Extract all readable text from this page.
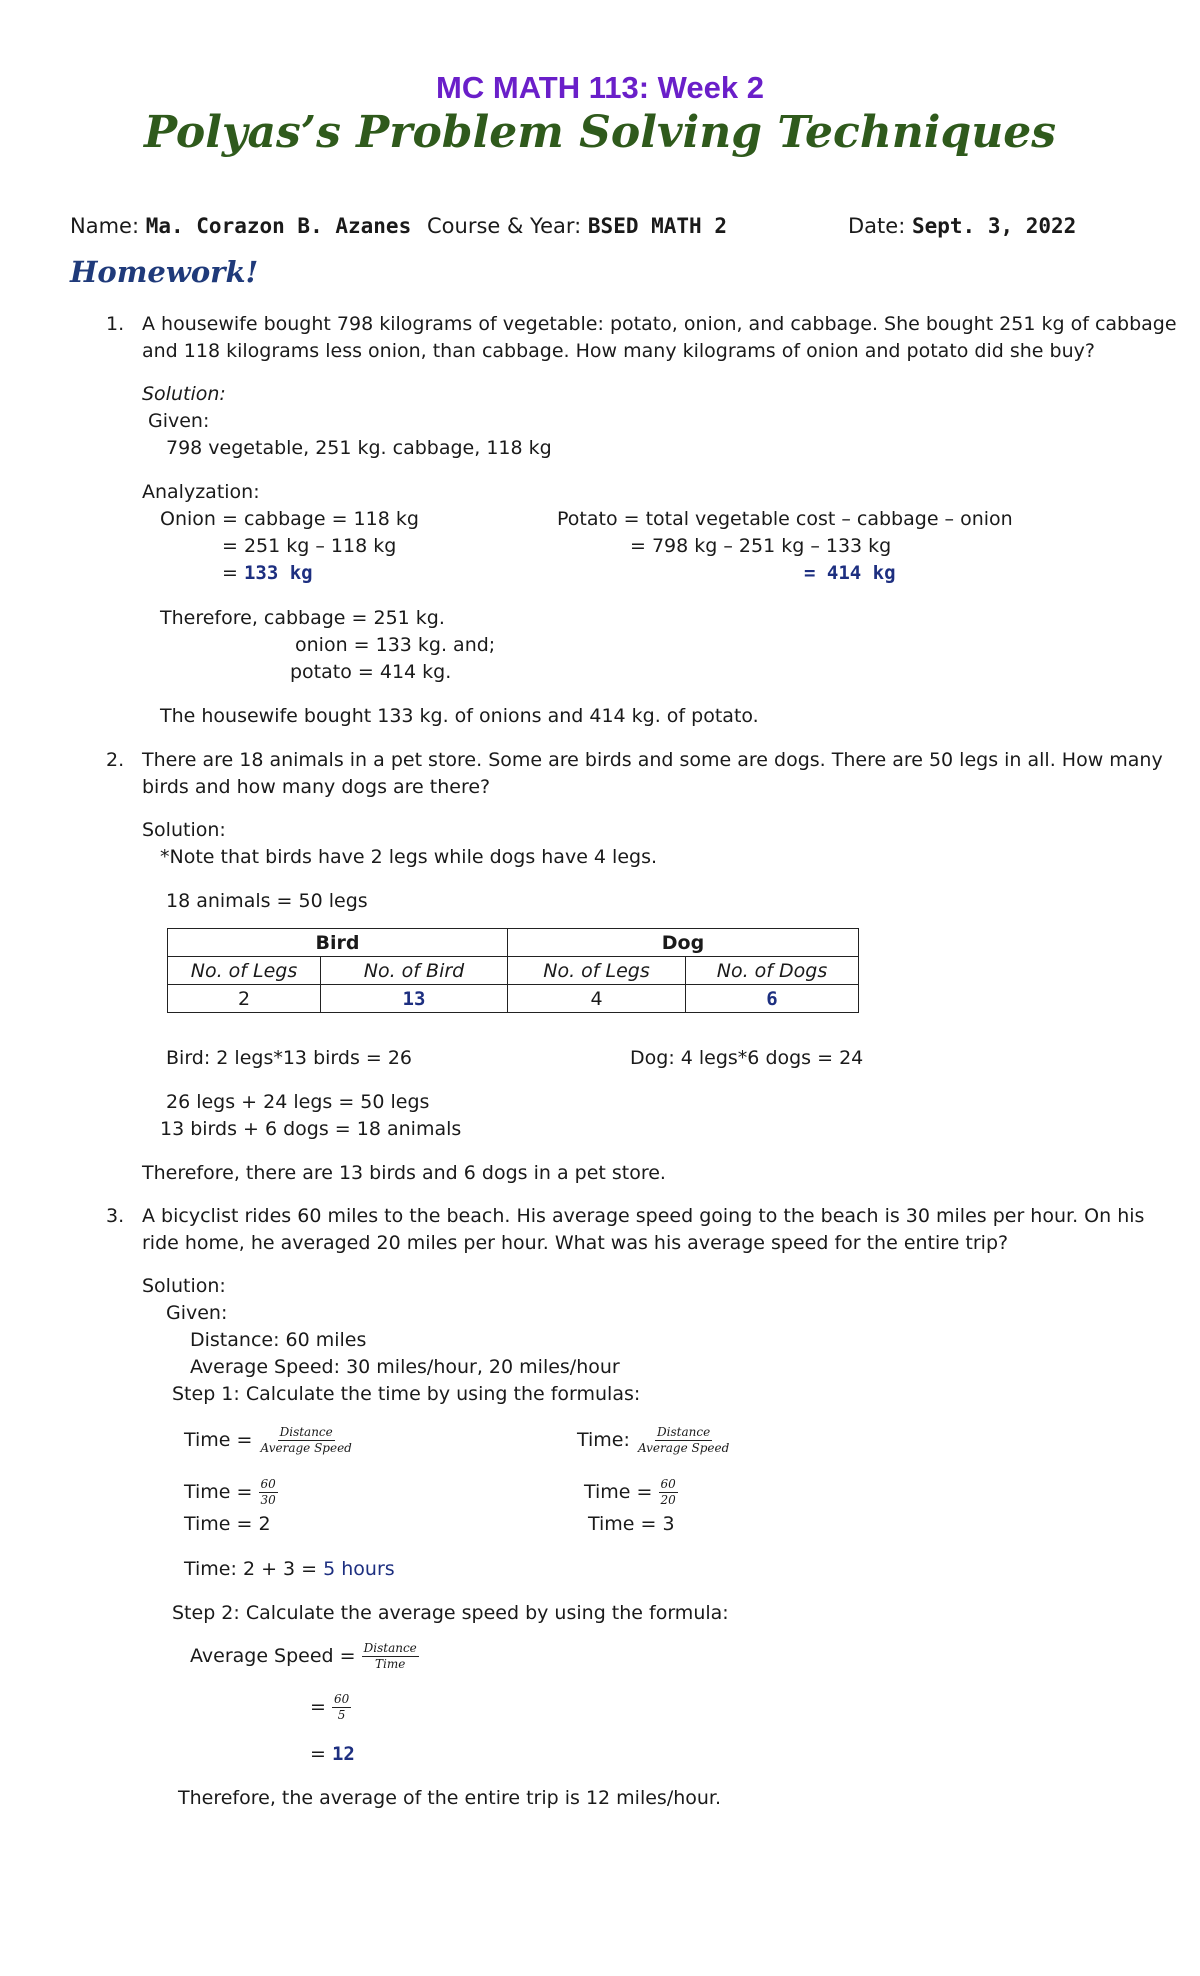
MC MATH 113: Week 2
Polyas’s Problem Solving Techniques
Name: Ma. Corazon B. Azanes Course & Year: BSED MATH 2	Date: Sept. 3, 2022
Homework!
1. A housewife bought 798 kilograms of vegetable: potato, onion, and cabbage. She bought 251 kg of cabbage
and 118 kilograms less onion, than cabbage. How many kilograms of onion and potato did she buy?
Solution:
Given:
798 vegetable, 251 kg. cabbage, 118 kg
Analyzation:
Onion = cabbage = 118 kg
= 251 kg – 118 kg
= 133 kg
Potato = total vegetable cost – cabbage – onion
= 798 kg – 251 kg – 133 kg
= 414 kg
Therefore, cabbage = 251 kg.
onion = 133 kg. and;
potato = 414 kg.
The housewife bought 133 kg. of onions and 414 kg. of potato.
2. There are 18 animals in a pet store. Some are birds and some are dogs. There are 50 legs in all. How many
birds and how many dogs are there?
Solution:
*Note that birds have 2 legs while dogs have 4 legs.
18 animals = 50 legs
Bird		Dog	
No. of Legs	No. of Bird	No. of Legs	No. of Dogs
2	13	4	6
Bird: 2 legs*13 birds = 26	Dog: 4 legs*6 dogs = 24
26 legs + 24 legs = 50 legs
13 birds + 6 dogs = 18 animals
Therefore, there are 13 birds and 6 dogs in a pet store.
3. A bicyclist rides 60 miles to the beach. His average speed going to the beach is 30 miles per hour. On his
ride home, he averaged 20 miles per hour. What was his average speed for the entire trip?
Solution:
Given:
Distance: 60 miles
Average Speed: 30 miles/hour, 20 miles/hour
Step 1: Calculate the time by using the formulas:
Time = $\frac{\text{Distance}}{\text{Average Speed}}$	Time: $\frac{\text{Distance}}{\text{Average Speed}}$
Time = $\frac{60}{30}$	Time = $\frac{60}{20}$
Time = 2	Time = 3
Time: 2 + 3 = 5 hours
Step 2: Calculate the average speed by using the formula:
Average Speed = $\frac{\text{Distance}}{\text{Time}}$
= $\frac{60}{5}$
= 12
Therefore, the average of the entire trip is 12 miles/hour.
